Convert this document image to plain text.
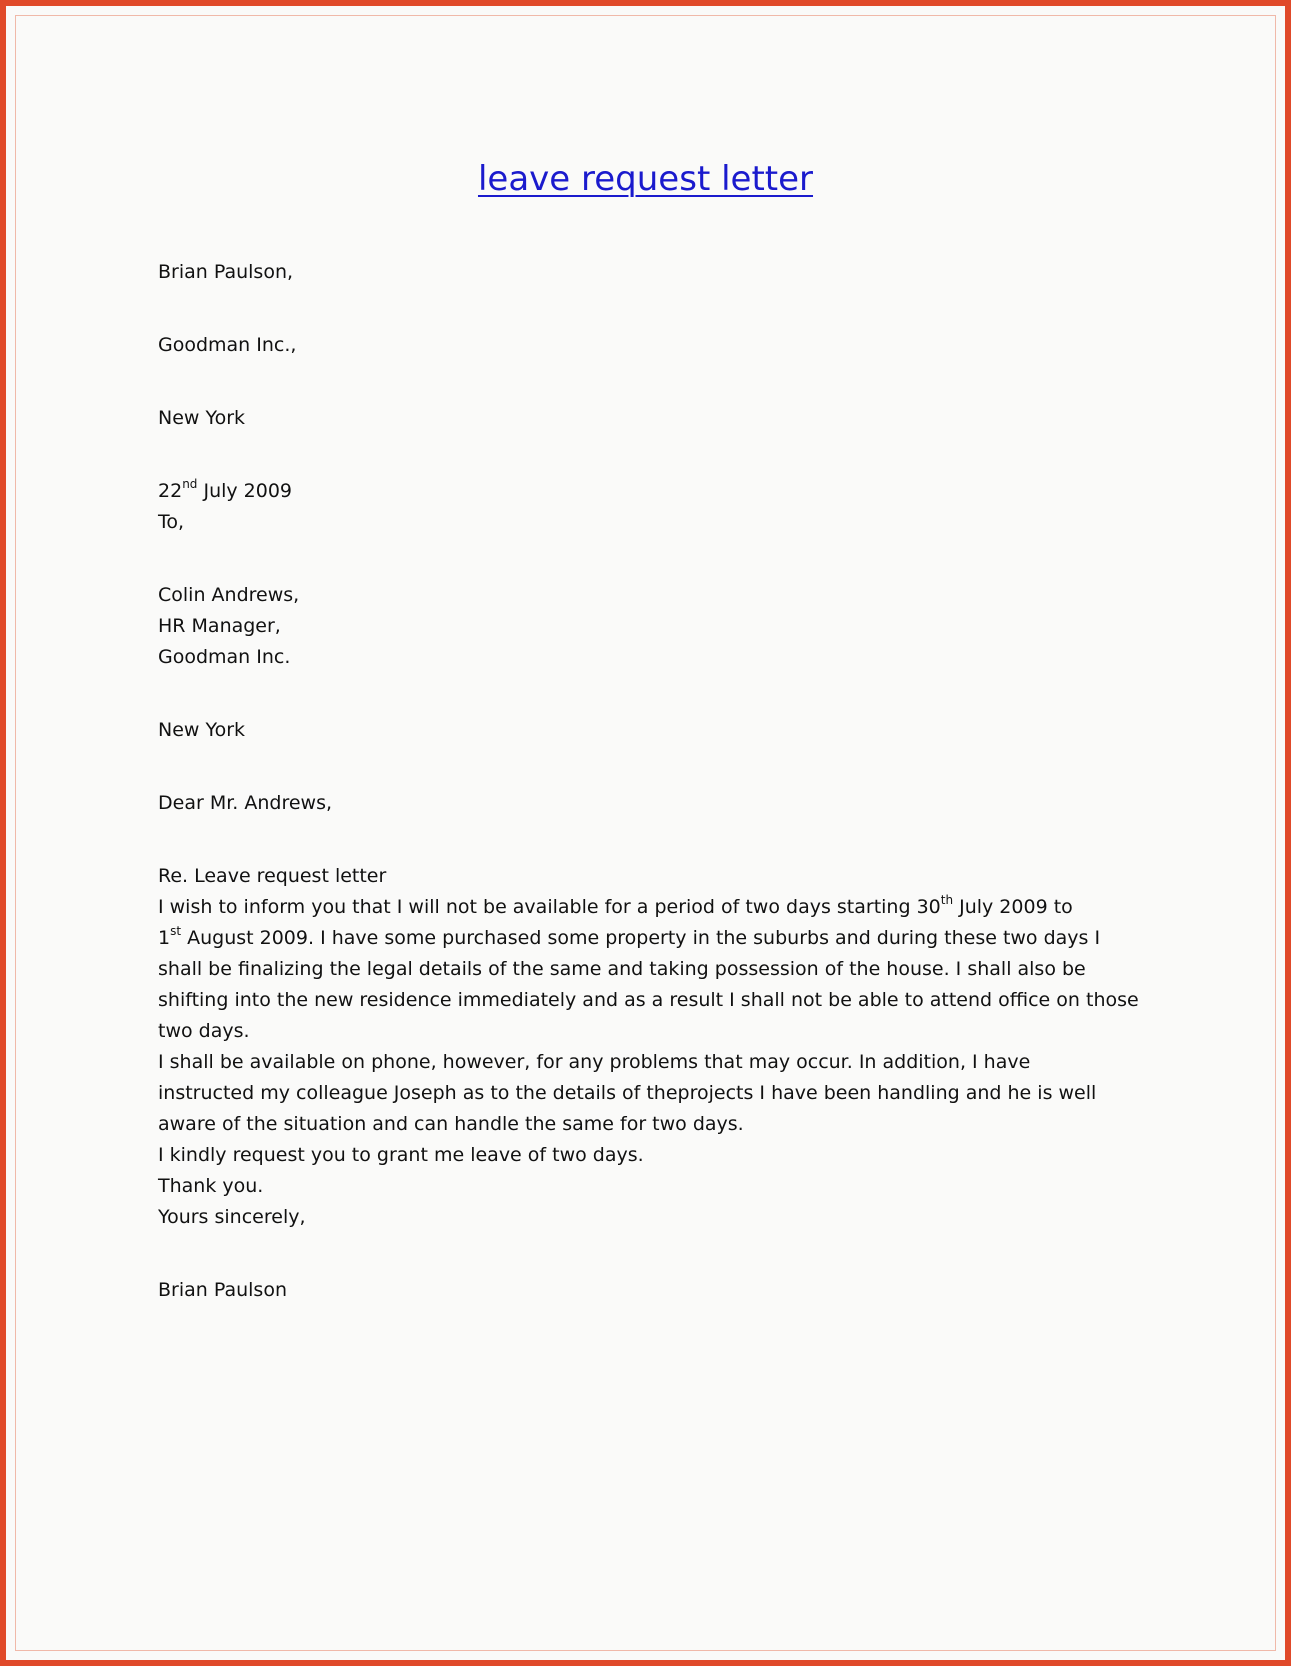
leave request letter
Brian Paulson,
Goodman Inc.,
New York
22nd July 2009
To,
Colin Andrews,
HR Manager,
Goodman Inc.
New York
Dear Mr. Andrews,
Re. Leave request letter
I wish to inform you that I will not be available for a period of two days starting 30th July 2009 to
1st August 2009. I have some purchased some property in the suburbs and during these two days I
shall be finalizing the legal details of the same and taking possession of the house. I shall also be
shifting into the new residence immediately and as a result I shall not be able to attend office on those
two days.
I shall be available on phone, however, for any problems that may occur. In addition, I have
instructed my colleague Joseph as to the details of theprojects I have been handling and he is well
aware of the situation and can handle the same for two days.
I kindly request you to grant me leave of two days.
Thank you.
Yours sincerely,
Brian Paulson
